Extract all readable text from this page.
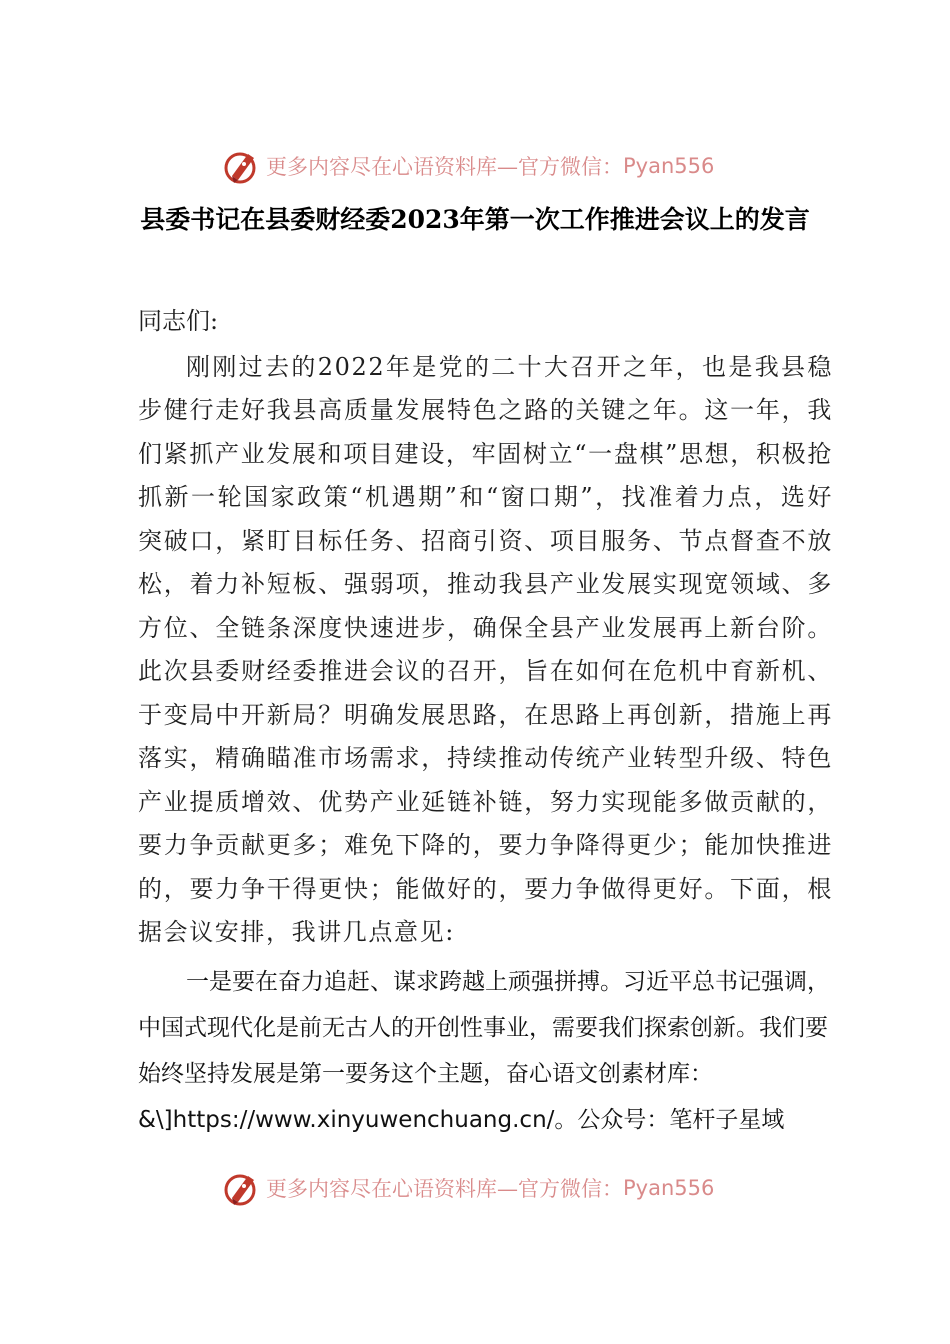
更多内容尽在心语资料库—官方微信： Pyan556
县委书记在县委财经委2023年第一次工作推进会议上的发言

同志们:

刚刚过去的2022年是党的二十大召开之年，也是我县稳步健行走好我县高质量发展特色之路的关键之年。这一年，我们紧抓产业发展和项目建设，牢固树立“一盘棋”思想，积极抢抓新一轮国家政策“机遇期”和“窗口期”，找准着力点，选好突破口，紧盯目标任务、招商引资、项目服务、节点督查不放松，着力补短板、强弱项，推动我县产业发展实现宽领域、多方位、全链条深度快速进步，确保全县产业发展再上新台阶。此次县委财经委推进会议的召开，旨在如何在危机中育新机、于变局中开新局？明确发展思路，在思路上再创新，措施上再落实，精确瞄准市场需求，持续推动传统产业转型升级、特色产业提质增效、优势产业延链补链，努力实现能多做贡献的，要力争贡献更多；难免下降的，要力争降得更少；能加快推进的，要力争干得更快；能做好的，要力争做得更好。下面，根据会议安排，我讲几点意见:

一是要在奋力追赶、谋求跨越上顽强拼搏。习近平总书记强调，中国式现代化是前无古人的开创性事业，需要我们探索创新。我们要始终坚持发展是第一要务这个主题，奋心语文创素材库：&\]https://www.xinyuwenchuang.cn/。公众号：笔杆子星域

更多内容尽在心语资料库—官方微信： Pyan556
